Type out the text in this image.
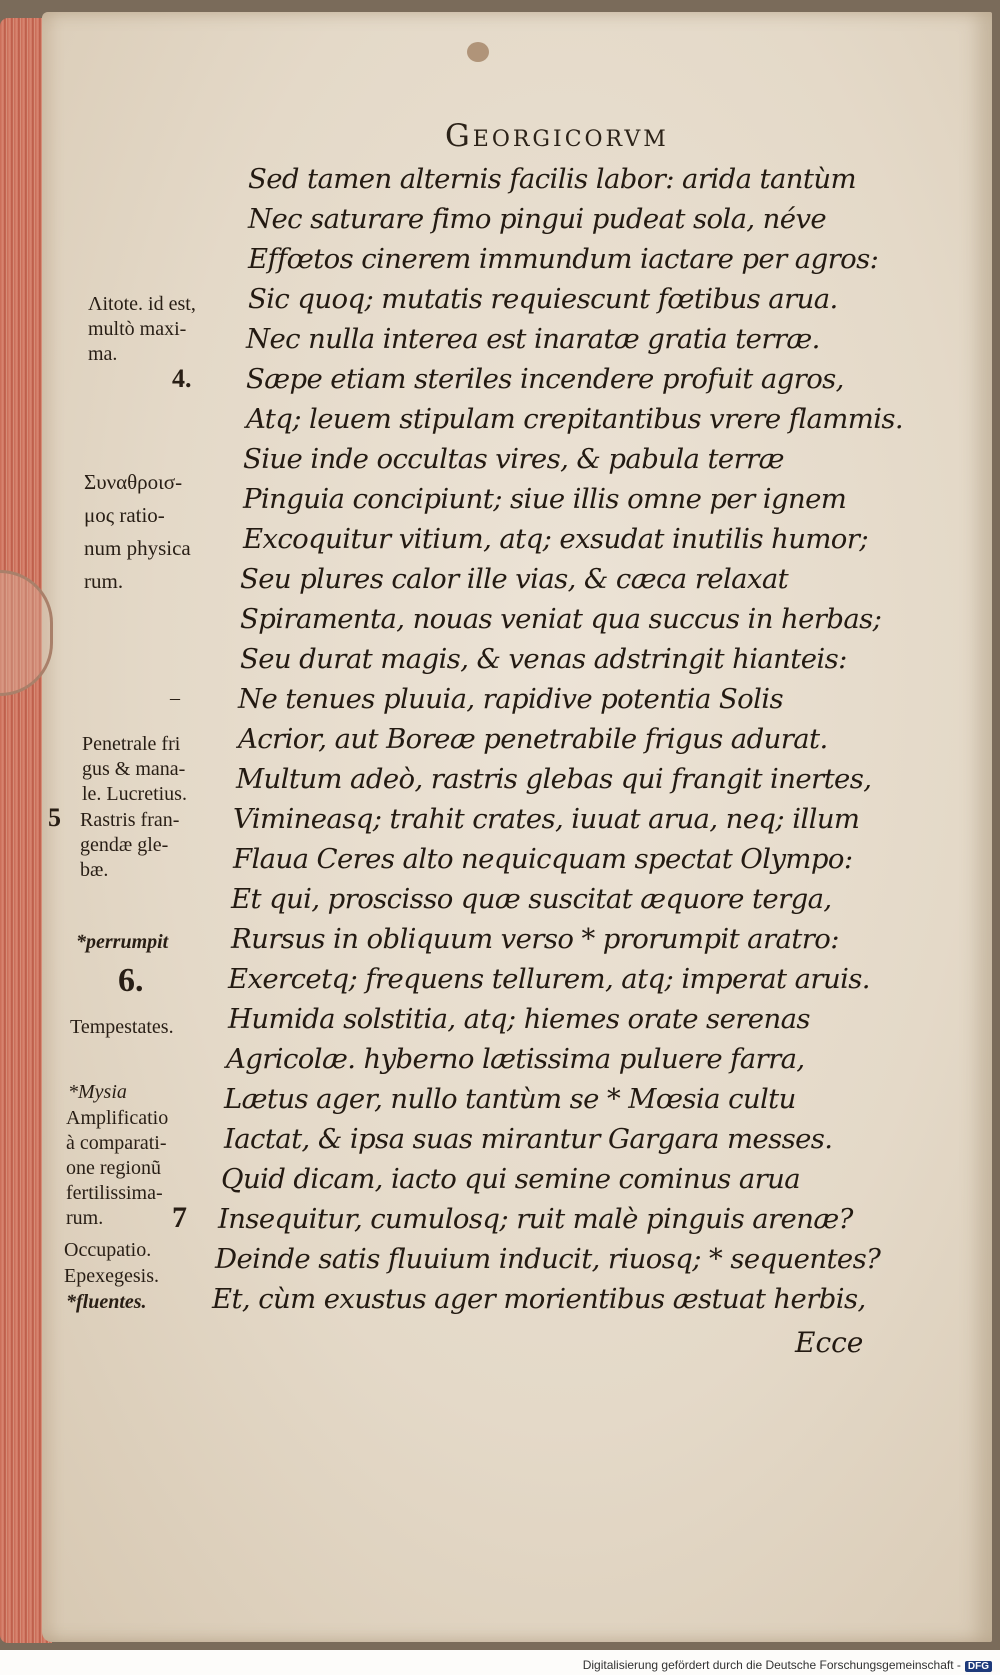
Georgicorvm
Sed tamen alternis facilis labor: arida tantùm
Nec saturare fimo pingui pudeat sola, néve
Effœtos cinerem immundum iactare per agros:
Sic quoq; mutatis requiescunt fœtibus arua.
Nec nulla interea est inaratæ gratia terræ.
Sæpe etiam steriles incendere profuit agros,
Atq; leuem stipulam crepitantibus vrere flammis.
Siue inde occultas vires, & pabula terræ
Pinguia concipiunt; siue illis omne per ignem
Excoquitur vitium, atq; exsudat inutilis humor;
Seu plures calor ille vias, & cæca relaxat
Spiramenta, nouas veniat qua succus in herbas;
Seu durat magis, & venas adstringit hianteis:
Ne tenues pluuia, rapidive potentia Solis
Acrior, aut Boreæ penetrabile frigus adurat.
Multum adeò, rastris glebas qui frangit inertes,
Vimineasq; trahit crates, iuuat arua, neq; illum
Flaua Ceres alto nequicquam spectat Olympo:
Et qui, proscisso quæ suscitat æquore terga,
Rursus in obliquum verso * prorumpit aratro:
Exercetq; frequens tellurem, atq; imperat aruis.
Humida solstitia, atq; hiemes orate serenas
Agricolæ. hyberno lætissima puluere farra,
Lætus ager, nullo tantùm se * Mœsia cultu
Iactat, & ipsa suas mirantur Gargara messes.
Quid dicam, iacto qui semine cominus arua
Insequitur, cumulosq; ruit malè pinguis arenæ?
Deinde satis fluuium inducit, riuosq; * sequentes?
Et, cùm exustus ager morientibus æstuat herbis,
Ecce
Λitote. id est,
multò maxi-
ma.
4.
Συναθροισ-
μος ratio-
num physica
rum.
–
Penetrale fri
gus & mana-
le. Lucretius.
5 Rastris fran-
gendæ gle-
bæ.
*perrumpit
6.
Tempestates.
*Mysia
Amplificatio
à comparati-
one regionũ
fertilissima-
rum.	7
Occupatio.
Epexegesis.
*fluentes.
Digitalisierung gefördert durch die Deutsche Forschungsgemeinschaft - DFG
